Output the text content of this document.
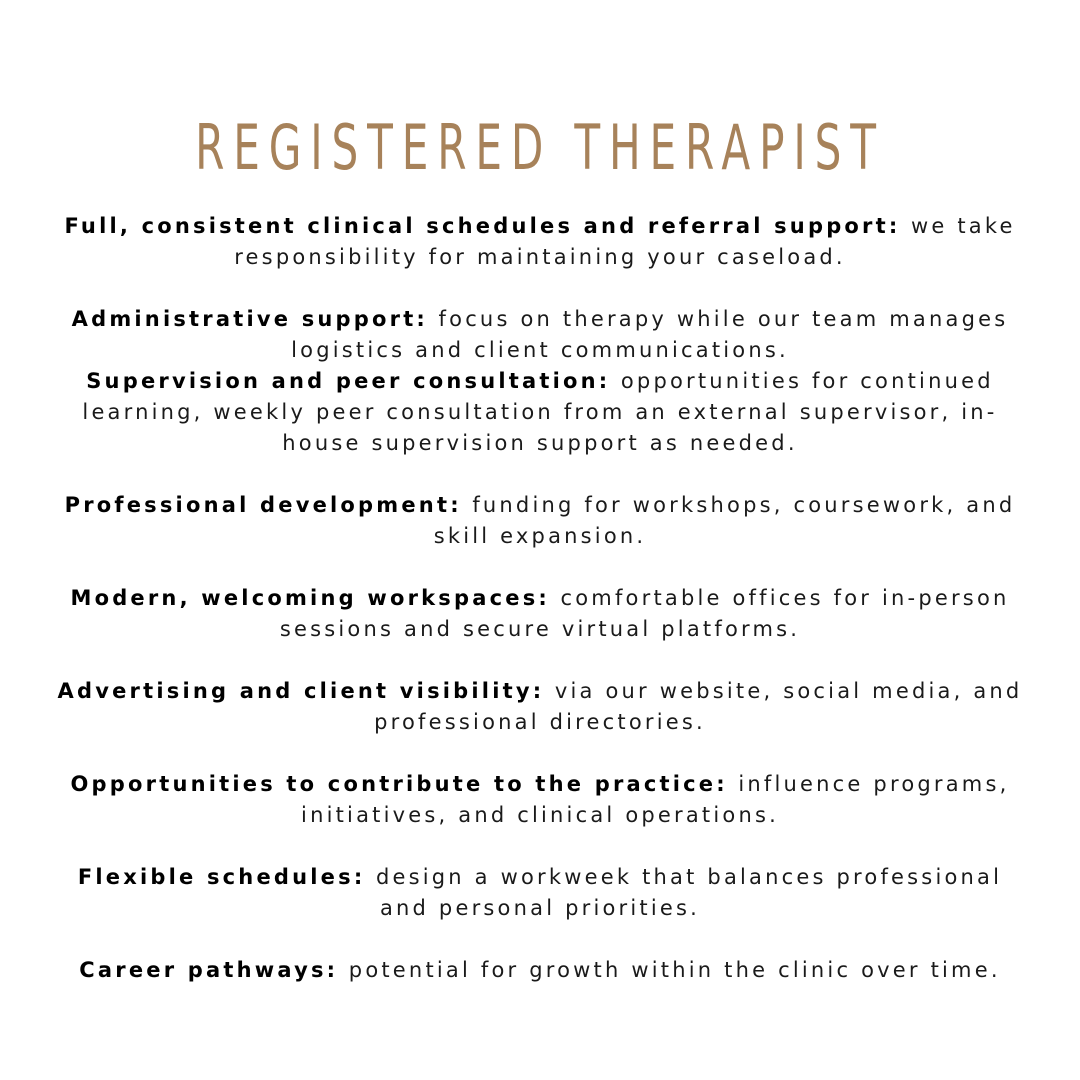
REGISTERED THERAPIST
Full, consistent clinical schedules and referral support: we take responsibility for maintaining your caseload.
Administrative support: focus on therapy while our team manages logistics and client communications.
Supervision and peer consultation: opportunities for continued learning, weekly peer consultation from an external supervisor, in-house supervision support as needed.
Professional development: funding for workshops, coursework, and skill expansion.
Modern, welcoming workspaces: comfortable offices for in-person sessions and secure virtual platforms.
Advertising and client visibility: via our website, social media, and professional directories.
Opportunities to contribute to the practice: influence programs, initiatives, and clinical operations.
Flexible schedules: design a workweek that balances professional and personal priorities.
Career pathways: potential for growth within the clinic over time.
